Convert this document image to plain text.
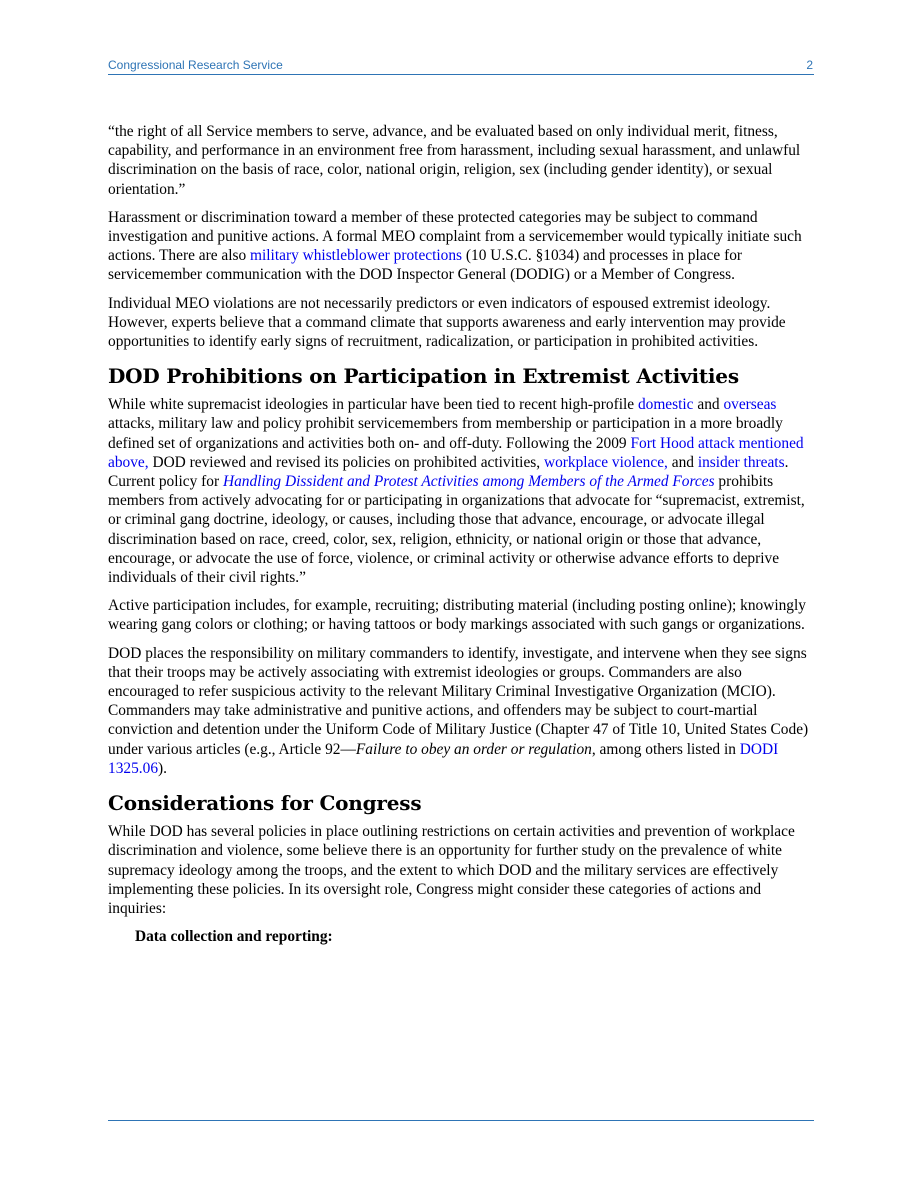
Congressional Research Service	2

“the right of all Service members to serve, advance, and be evaluated based on only individual merit, fitness, capability, and performance in an environment free from harassment, including sexual harassment, and unlawful discrimination on the basis of race, color, national origin, religion, sex (including gender identity), or sexual orientation.”

Harassment or discrimination toward a member of these protected categories may be subject to command investigation and punitive actions. A formal MEO complaint from a servicemember would typically initiate such actions. There are also military whistleblower protections (10 U.S.C. §1034) and processes in place for servicemember communication with the DOD Inspector General (DODIG) or a Member of Congress.

Individual MEO violations are not necessarily predictors or even indicators of espoused extremist ideology. However, experts believe that a command climate that supports awareness and early intervention may provide opportunities to identify early signs of recruitment, radicalization, or participation in prohibited activities.

DOD Prohibitions on Participation in Extremist Activities

While white supremacist ideologies in particular have been tied to recent high-profile domestic and overseas attacks, military law and policy prohibit servicemembers from membership or participation in a more broadly defined set of organizations and activities both on- and off-duty. Following the 2009 Fort Hood attack mentioned above, DOD reviewed and revised its policies on prohibited activities, workplace violence, and insider threats. Current policy for Handling Dissident and Protest Activities among Members of the Armed Forces prohibits members from actively advocating for or participating in organizations that advocate for “supremacist, extremist, or criminal gang doctrine, ideology, or causes, including those that advance, encourage, or advocate illegal discrimination based on race, creed, color, sex, religion, ethnicity, or national origin or those that advance, encourage, or advocate the use of force, violence, or criminal activity or otherwise advance efforts to deprive individuals of their civil rights.”

Active participation includes, for example, recruiting; distributing material (including posting online); knowingly wearing gang colors or clothing; or having tattoos or body markings associated with such gangs or organizations.

DOD places the responsibility on military commanders to identify, investigate, and intervene when they see signs that their troops may be actively associating with extremist ideologies or groups. Commanders are also encouraged to refer suspicious activity to the relevant Military Criminal Investigative Organization (MCIO). Commanders may take administrative and punitive actions, and offenders may be subject to court-martial conviction and detention under the Uniform Code of Military Justice (Chapter 47 of Title 10, United States Code) under various articles (e.g., Article 92—Failure to obey an order or regulation, among others listed in DODI 1325.06).

Considerations for Congress

While DOD has several policies in place outlining restrictions on certain activities and prevention of workplace discrimination and violence, some believe there is an opportunity for further study on the prevalence of white supremacy ideology among the troops, and the extent to which DOD and the military services are effectively implementing these policies. In its oversight role, Congress might consider these categories of actions and inquiries:

Data collection and reporting:
